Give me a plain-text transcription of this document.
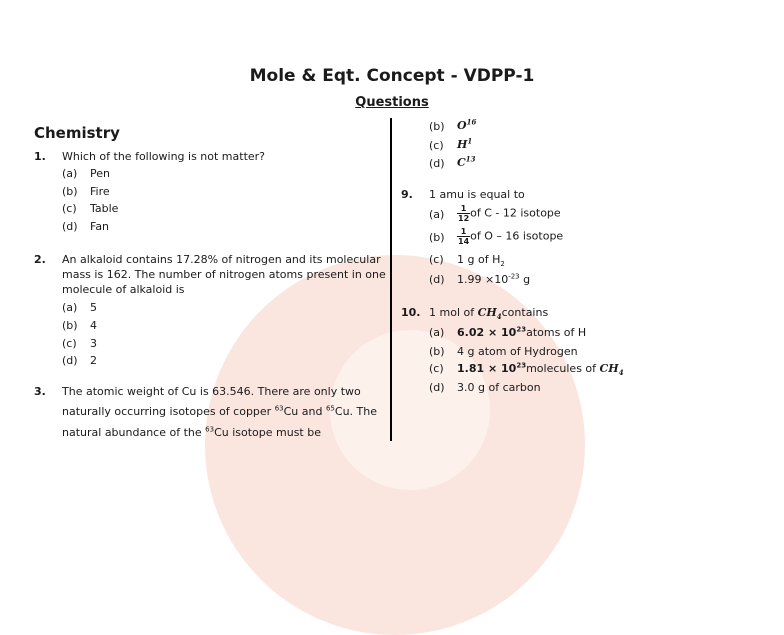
Mole & Eqt. Concept - VDPP-1
Questions
Chemistry
1. Which of the following is not matter?
(a) Pen
(b) Fire
(c) Table
(d) Fan
2. An alkaloid contains 17.28% of nitrogen and its molecular
mass is 162. The number of nitrogen atoms present in one
molecule of alkaloid is
(a) 5
(b) 4
(c) 3
(d) 2
3. The atomic weight of Cu is 63.546. There are only two
naturally occurring isotopes of copper $^{63}$Cu and $^{65}$Cu. The
natural abundance of the $^{63}$Cu isotope must be
(b) $O^{16}$
(c) $H^1$
(d) $C^{13}$
9. 1 amu is equal to
$(a) \frac{1}{12}$ of C - 12 isotope
$(b) \frac{1}{14}$ of O – 16 isotope
(c) 1 g of $H_2$
(d) $1.99 \times 10^{-23}$ g
10. 1 mol of $CH_4contains$
(a) $6.02 \times 10^{23}atoms$ of H
(b) 4 g atom of Hydrogen
(c) $1.81 \times 10^{23}molecules$ of $CH_4$
(d) 3.0 g of carbon
